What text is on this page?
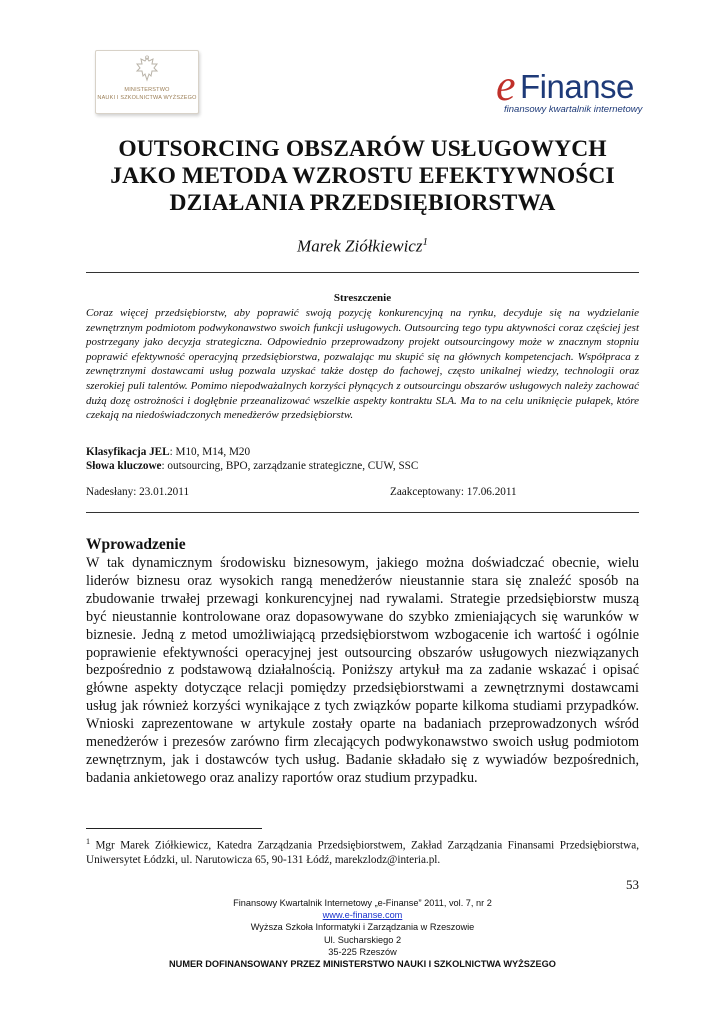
MINISTERSTWO
NAUKI I SZKOLNICTWA WYŻSZEGO	e Finanse
finansowy kwartalnik internetowy
OUTSORCING OBSZARÓW USŁUGOWYCH
JAKO METODA WZROSTU EFEKTYWNOŚCI
DZIAŁANIA PRZEDSIĘBIORSTWA
Marek Ziółkiewicz$^1$
Streszczenie

Coraz więcej przedsiębiorstw, aby poprawić swoją pozycję konkurencyjną na rynku, decyduje się na wydzielanie zewnętrznym podmiotom podwykonawstwo swoich funkcji usługowych. Outsourcing tego typu aktywności coraz częściej jest postrzegany jako decyzja strategiczna. Odpowiednio przeprowadzony projekt outsourcingowy może w znacznym stopniu poprawić efektywność operacyjną przedsiębiorstwa, pozwalając mu skupić się na głównych kompetencjach. Współpraca z zewnętrznymi dostawcami usług pozwala uzyskać także dostęp do fachowej, często unikalnej wiedzy, technologii oraz szerokiej puli talentów. Pomimo niepodważalnych korzyści płynących z outsourcingu obszarów usługowych należy zachować dużą dozę ostrożności i dogłębnie przeanalizować wszelkie aspekty kontraktu SLA. Ma to na celu uniknięcie pułapek, które czekają na niedoświadczonych menedżerów przedsiębiorstw.

Klasyfikacja JEL: M10, M14, M20
Słowa kluczowe: outsourcing, BPO, zarządzanie strategiczne, CUW, SSC
Nadesłany: 23.01.2011	Zaakceptowany: 17.06.2011
Wprowadzenie

W tak dynamicznym środowisku biznesowym, jakiego można doświadczać obecnie, wielu liderów biznesu oraz wysokich rangą menedżerów nieustannie stara się znaleźć sposób na zbudowanie trwałej przewagi konkurencyjnej nad rywalami. Strategie przedsiębiorstw muszą być nieustannie kontrolowane oraz dopasowywane do szybko zmieniających się warunków w biznesie. Jedną z metod umożliwiającą przedsiębiorstwom wzbogacenie ich wartość i ogólnie poprawienie efektywności operacyjnej jest outsourcing obszarów usługowych niezwiązanych bezpośrednio z podstawową działalnością. Poniższy artykuł ma za zadanie wskazać i opisać główne aspekty dotyczące relacji pomiędzy przedsiębiorstwami a zewnętrznymi dostawcami usług jak również korzyści wynikające z tych związków poparte kilkoma studiami przypadków. Wnioski zaprezentowane w artykule zostały oparte na badaniach przeprowadzonych wśród menedżerów i prezesów zarówno firm zlecających podwykonawstwo swoich usług podmiotom zewnętrznym, jak i dostawców tych usług. Badanie składało się z wywiadów bezpośrednich, badania ankietowego oraz analizy raportów oraz studium przypadku.

$^1$ Mgr Marek Ziółkiewicz, Katedra Zarządzania Przedsiębiorstwem, Zakład Zarządzania Finansami Przedsiębiorstwa, Uniwersytet Łódzki, ul. Narutowicza 65, 90-131 Łódź, marekzlodz@interia.pl.

53
Finansowy Kwartalnik Internetowy „e-Finanse” 2011, vol. 7, nr 2
www.e-finanse.com
Wyższa Szkoła Informatyki i Zarządzania w Rzeszowie
Ul. Sucharskiego 2
35-225 Rzeszów
NUMER DOFINANSOWANY PRZEZ MINISTERSTWO NAUKI I SZKOLNICTWA WYŻSZEGO
